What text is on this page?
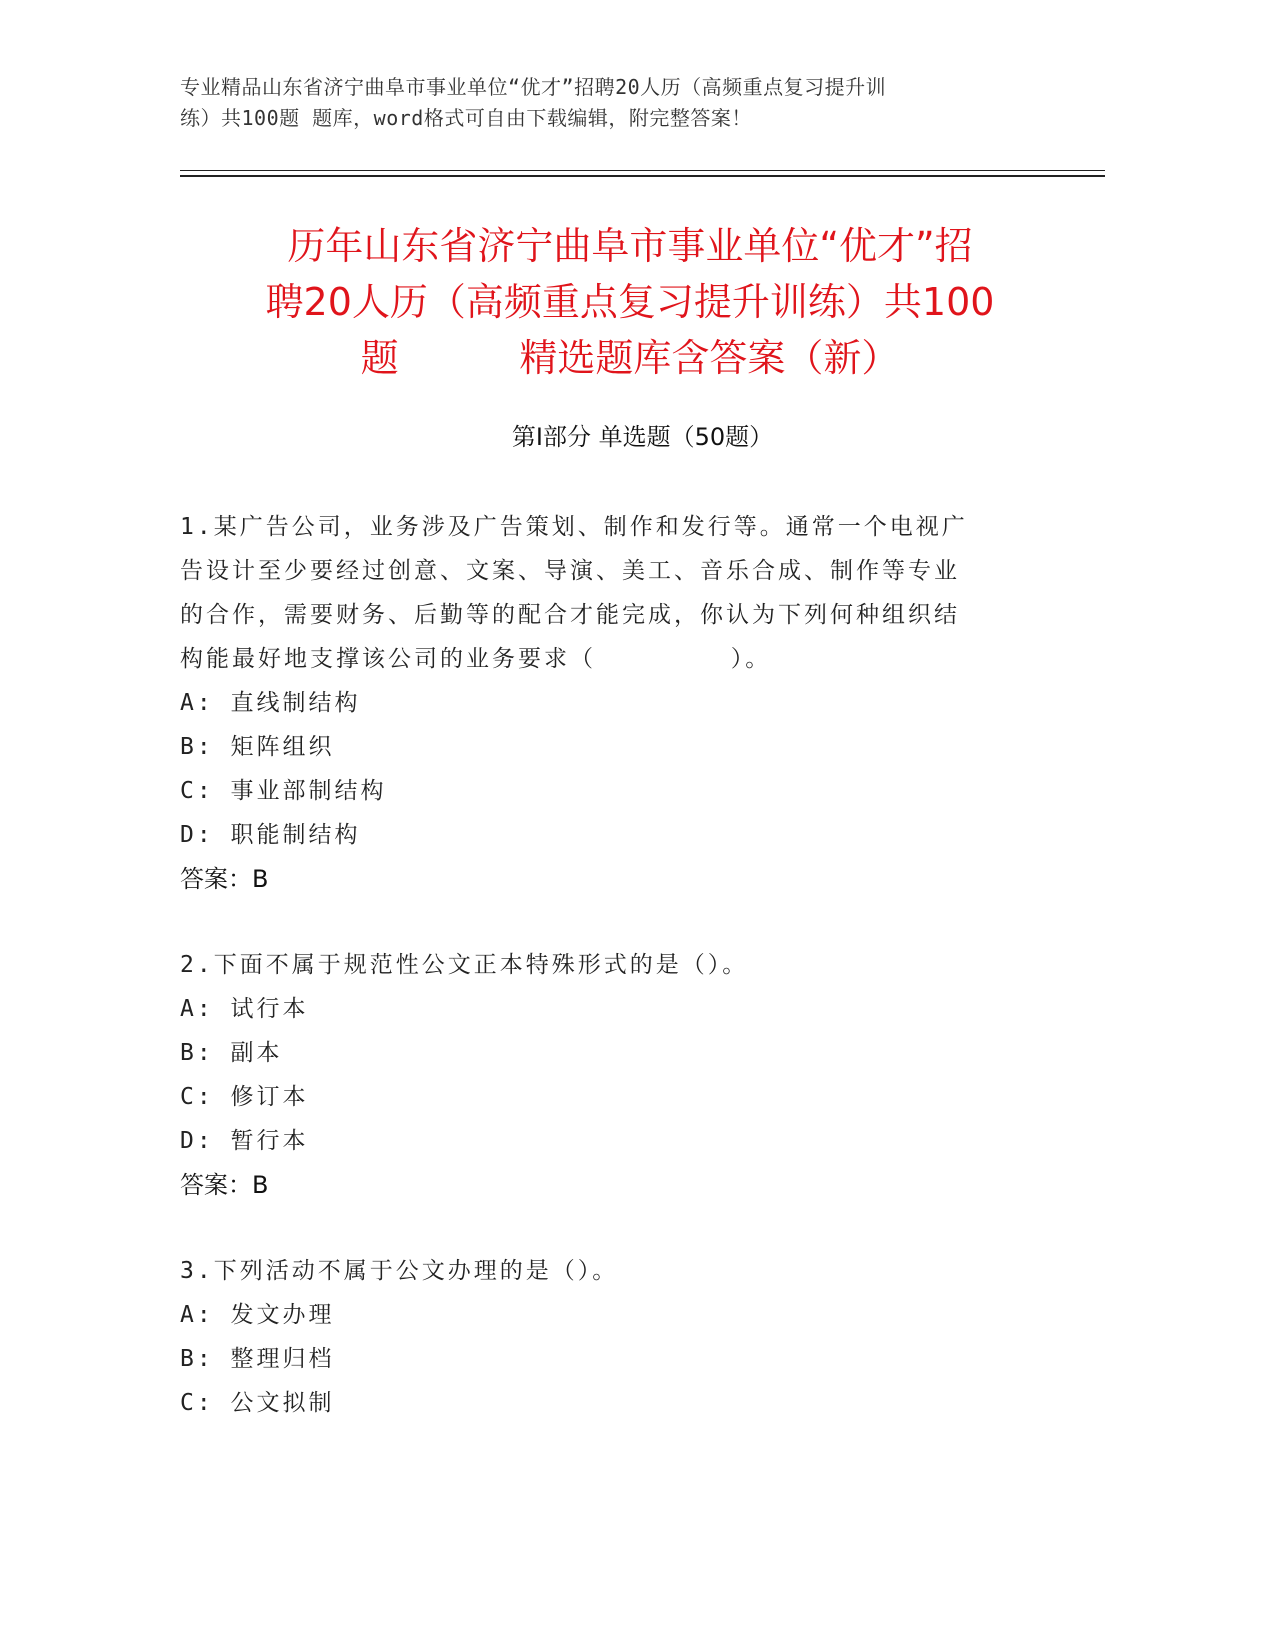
专业精品山东省济宁曲阜市事业单位“优才”招聘20人历（高频重点复习提升训
练）共100题 题库，word格式可自由下载编辑，附完整答案！
历年山东省济宁曲阜市事业单位“优才”招
聘20人历（高频重点复习提升训练）共100
题          精选题库含答案（新）
第Ⅰ部分 单选题（50题）
1.某广告公司，业务涉及广告策划、制作和发行等。通常一个电视广
告设计至少要经过创意、文案、导演、美工、音乐合成、制作等专业
的合作，需要财务、后勤等的配合才能完成，你认为下列何种组织结
构能最好地支撑该公司的业务要求（        ）。
A: 直线制结构
B: 矩阵组织
C: 事业部制结构
D: 职能制结构
答案：B
2.下面不属于规范性公文正本特殊形式的是（）。
A: 试行本
B: 副本
C: 修订本
D: 暂行本
答案：B
3.下列活动不属于公文办理的是（）。
A: 发文办理
B: 整理归档
C: 公文拟制
